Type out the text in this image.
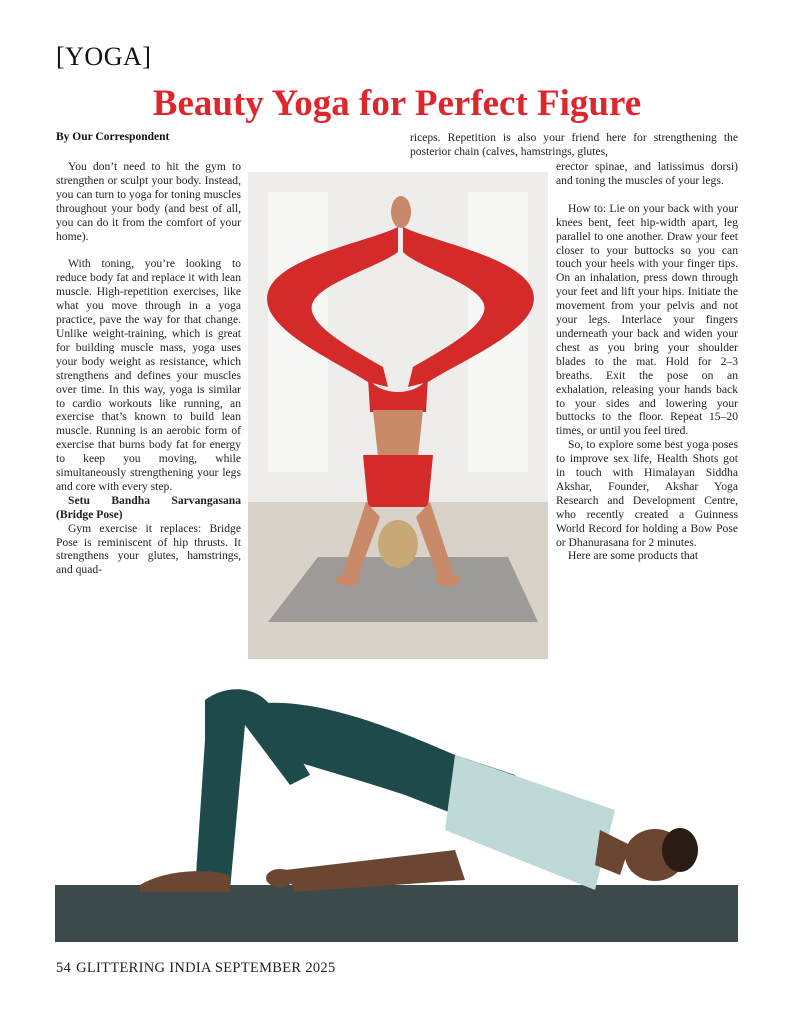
[YOGA]
Beauty Yoga for Perfect Figure
By Our Correspondent

You don’t need to hit the gym to strengthen or sculpt your body. Instead, you can turn to yoga for toning muscles throughout your body (and best of all, you can do it from the comfort of your home).

With toning, you’re looking to reduce body fat and replace it with lean muscle. High-repetition exercises, like what you move through in a yoga practice, pave the way for that change. Unlike weight-training, which is great for building muscle mass, yoga uses your body weight as resistance, which strengthens and defines your muscles over time. In this way, yoga is similar to cardio workouts like running, an exercise that’s known to build lean muscle. Running is an aerobic form of exercise that burns body fat for energy to keep you moving, while simultaneously strengthening your legs and core with every step.

Setu Bandha Sarvangasana (Bridge Pose)

Gym exercise it replaces: Bridge Pose is reminiscent of hip thrusts. It strengthens your glutes, hamstrings, and quad-

riceps. Repetition is also your friend here for strengthening the posterior chain (calves, hamstrings, glutes,

erector spinae, and latissimus dorsi) and toning the muscles of your legs.

How to: Lie on your back with your knees bent, feet hip-width apart, leg parallel to one another. Draw your feet closer to your buttocks so you can touch your heels with your finger tips. On an inhalation, press down through your feet and lift your hips. Initiate the movement from your pelvis and not your legs. Interlace your fingers underneath your back and widen your chest as you bring your shoulder blades to the mat. Hold for 2–3 breaths. Exit the pose on an exhalation, releasing your hands back to your sides and lowering your buttocks to the floor. Repeat 15–20 times, or until you feel tired.

So, to explore some best yoga poses to improve sex life, Health Shots got in touch with Himalayan Siddha Akshar, Founder, Akshar Yoga Research and Development Centre, who recently created a Guinness World Record for holding a Bow Pose or Dhanurasana for 2 minutes.

Here are some products that

54 GLITTERING INDIA SEPTEMBER 2025
